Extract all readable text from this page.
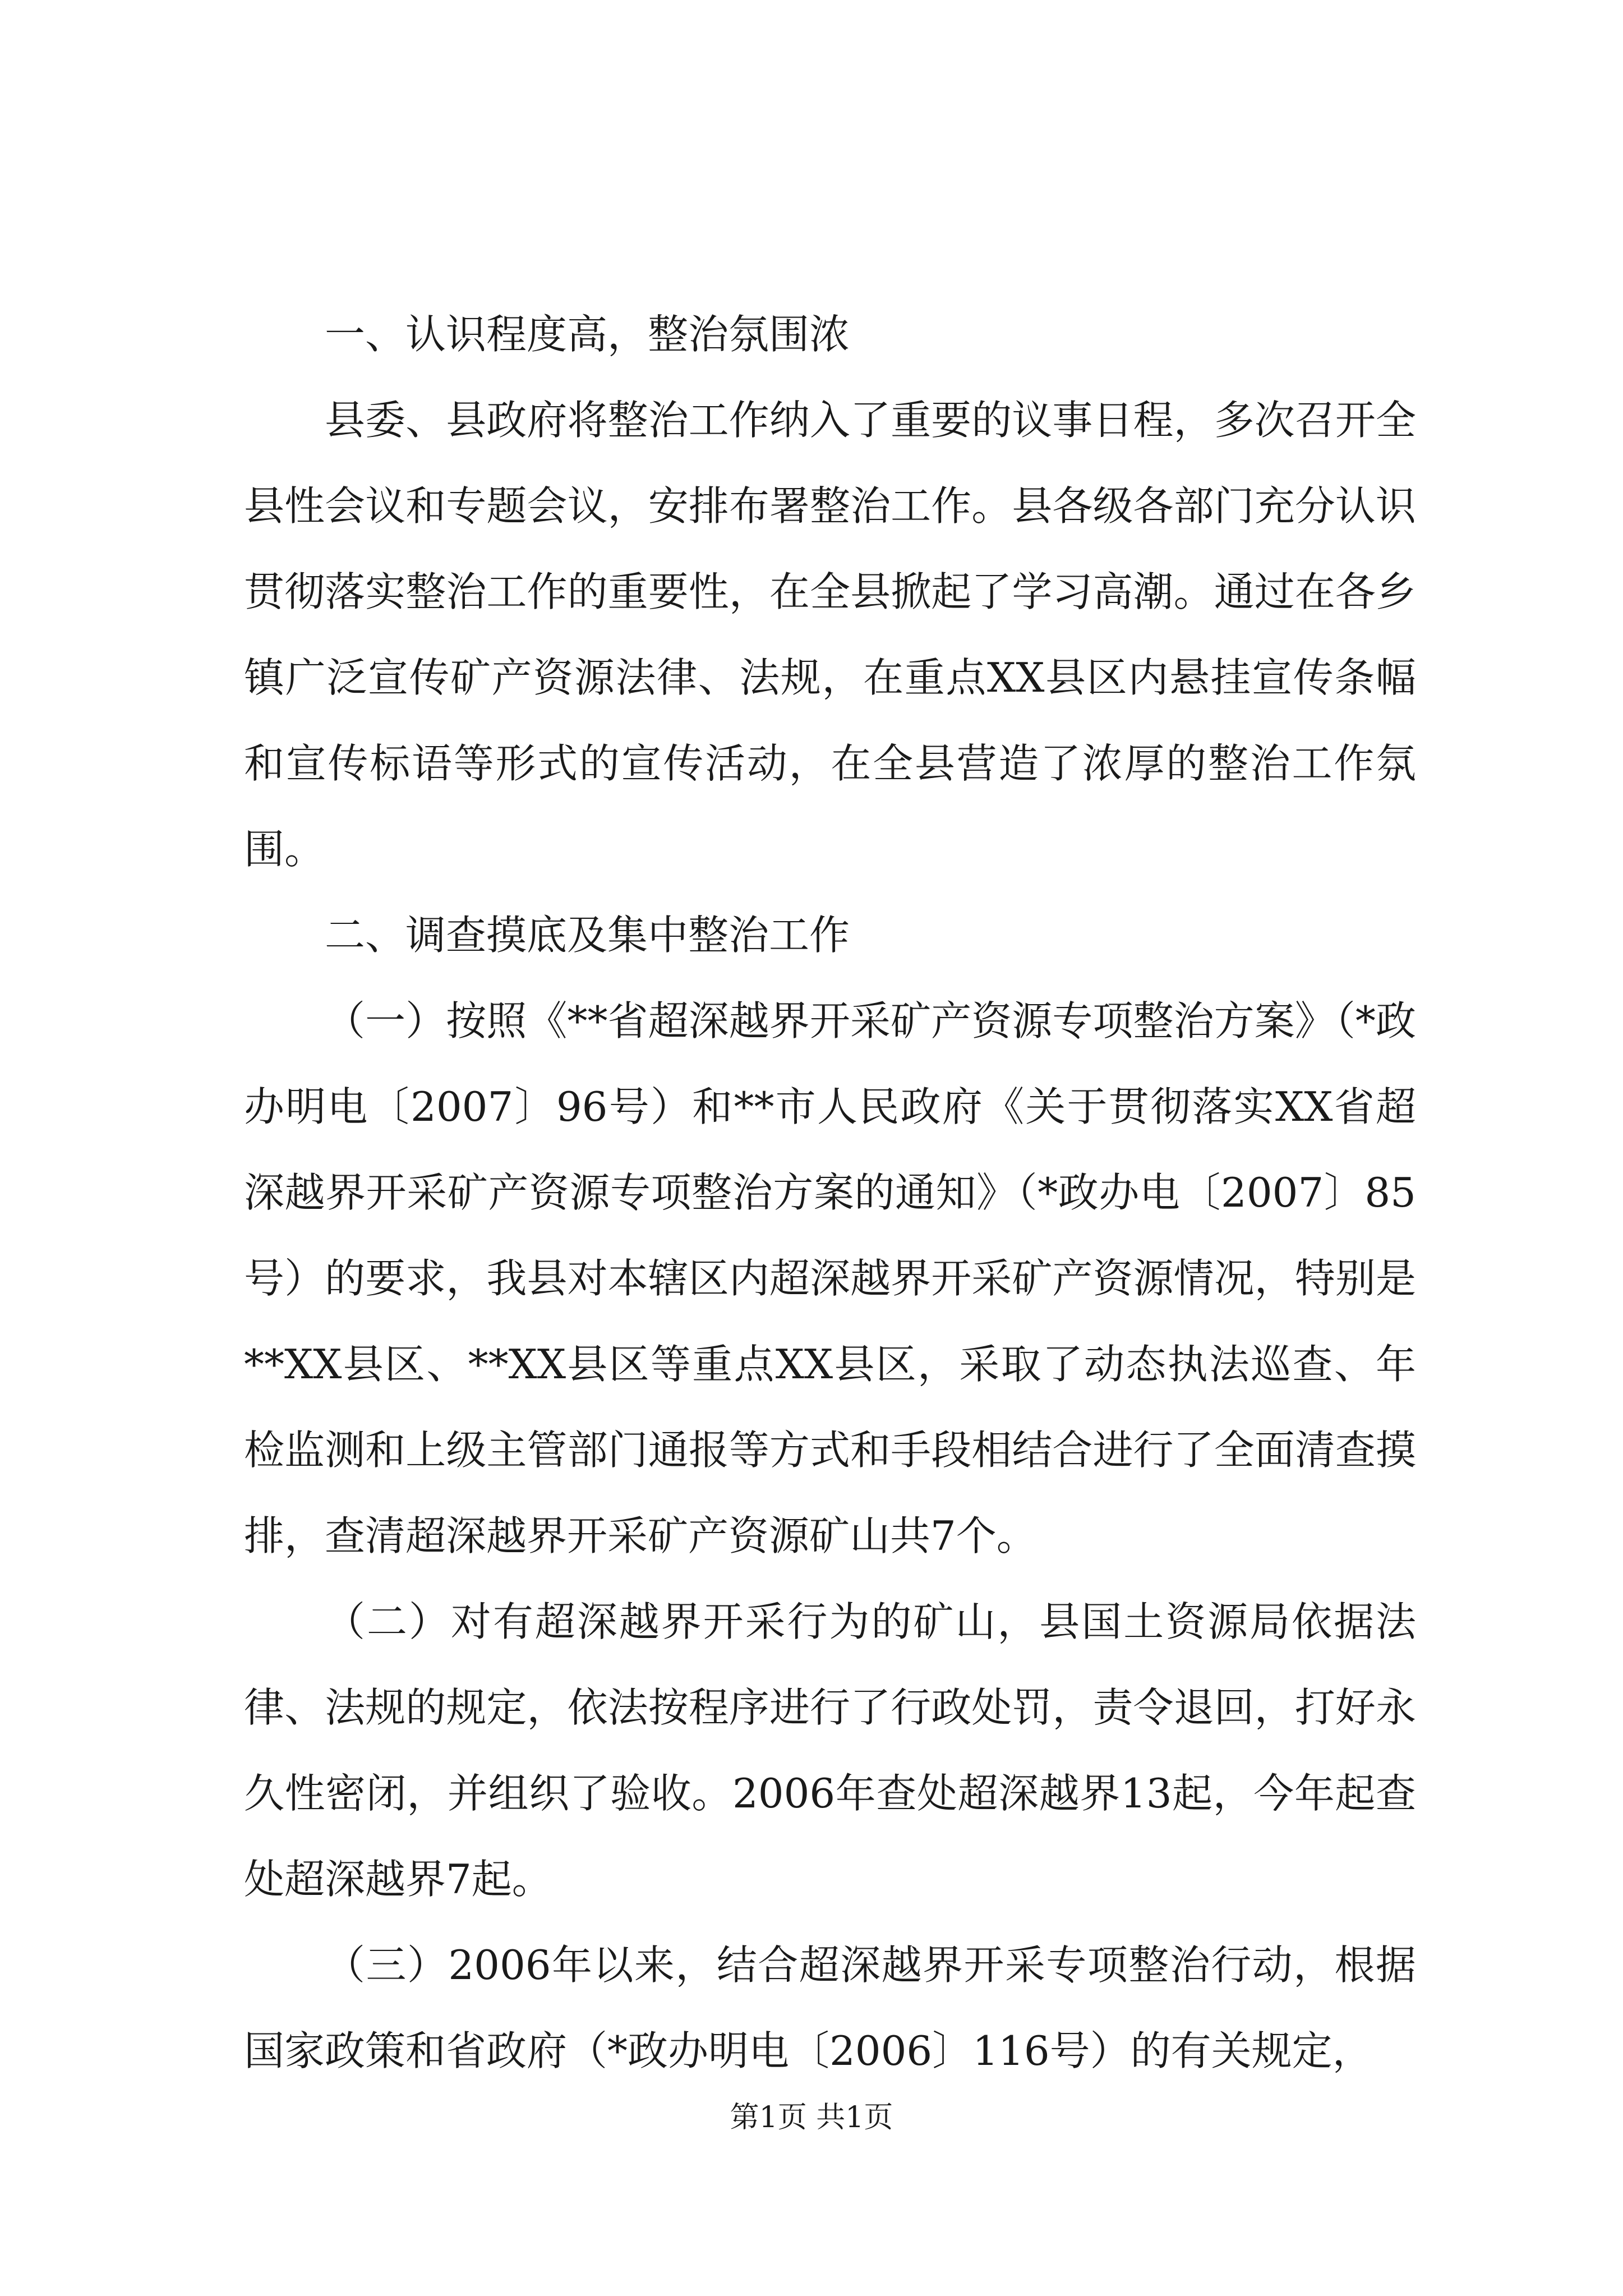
一、认识程度高，整治氛围浓

县委、县政府将整治工作纳入了重要的议事日程，多次召开全县性会议和专题会议，安排布署整治工作。县各级各部门充分认识贯彻落实整治工作的重要性，在全县掀起了学习高潮。通过在各乡镇广泛宣传矿产资源法律、法规，在重点XX县区内悬挂宣传条幅和宣传标语等形式的宣传活动，在全县营造了浓厚的整治工作氛围。

二、调查摸底及集中整治工作

（一）按照《**省超深越界开采矿产资源专项整治方案》（*政办明电〔2007〕96号）和**市人民政府《关于贯彻落实XX省超深越界开采矿产资源专项整治方案的通知》（*政办电〔2007〕85号）的要求，我县对本辖区内超深越界开采矿产资源情况，特别是**XX县区、**XX县区等重点XX县区，采取了动态执法巡查、年检监测和上级主管部门通报等方式和手段相结合进行了全面清查摸排，查清超深越界开采矿产资源矿山共7个。

（二）对有超深越界开采行为的矿山，县国土资源局依据法律、法规的规定，依法按程序进行了行政处罚，责令退回，打好永久性密闭，并组织了验收。2006年查处超深越界13起，今年起查处超深越界7起。

（三）2006年以来，结合超深越界开采专项整治行动，根据国家政策和省政府（*政办明电〔2006〕116号）的有关规定，

第1页 共1页
